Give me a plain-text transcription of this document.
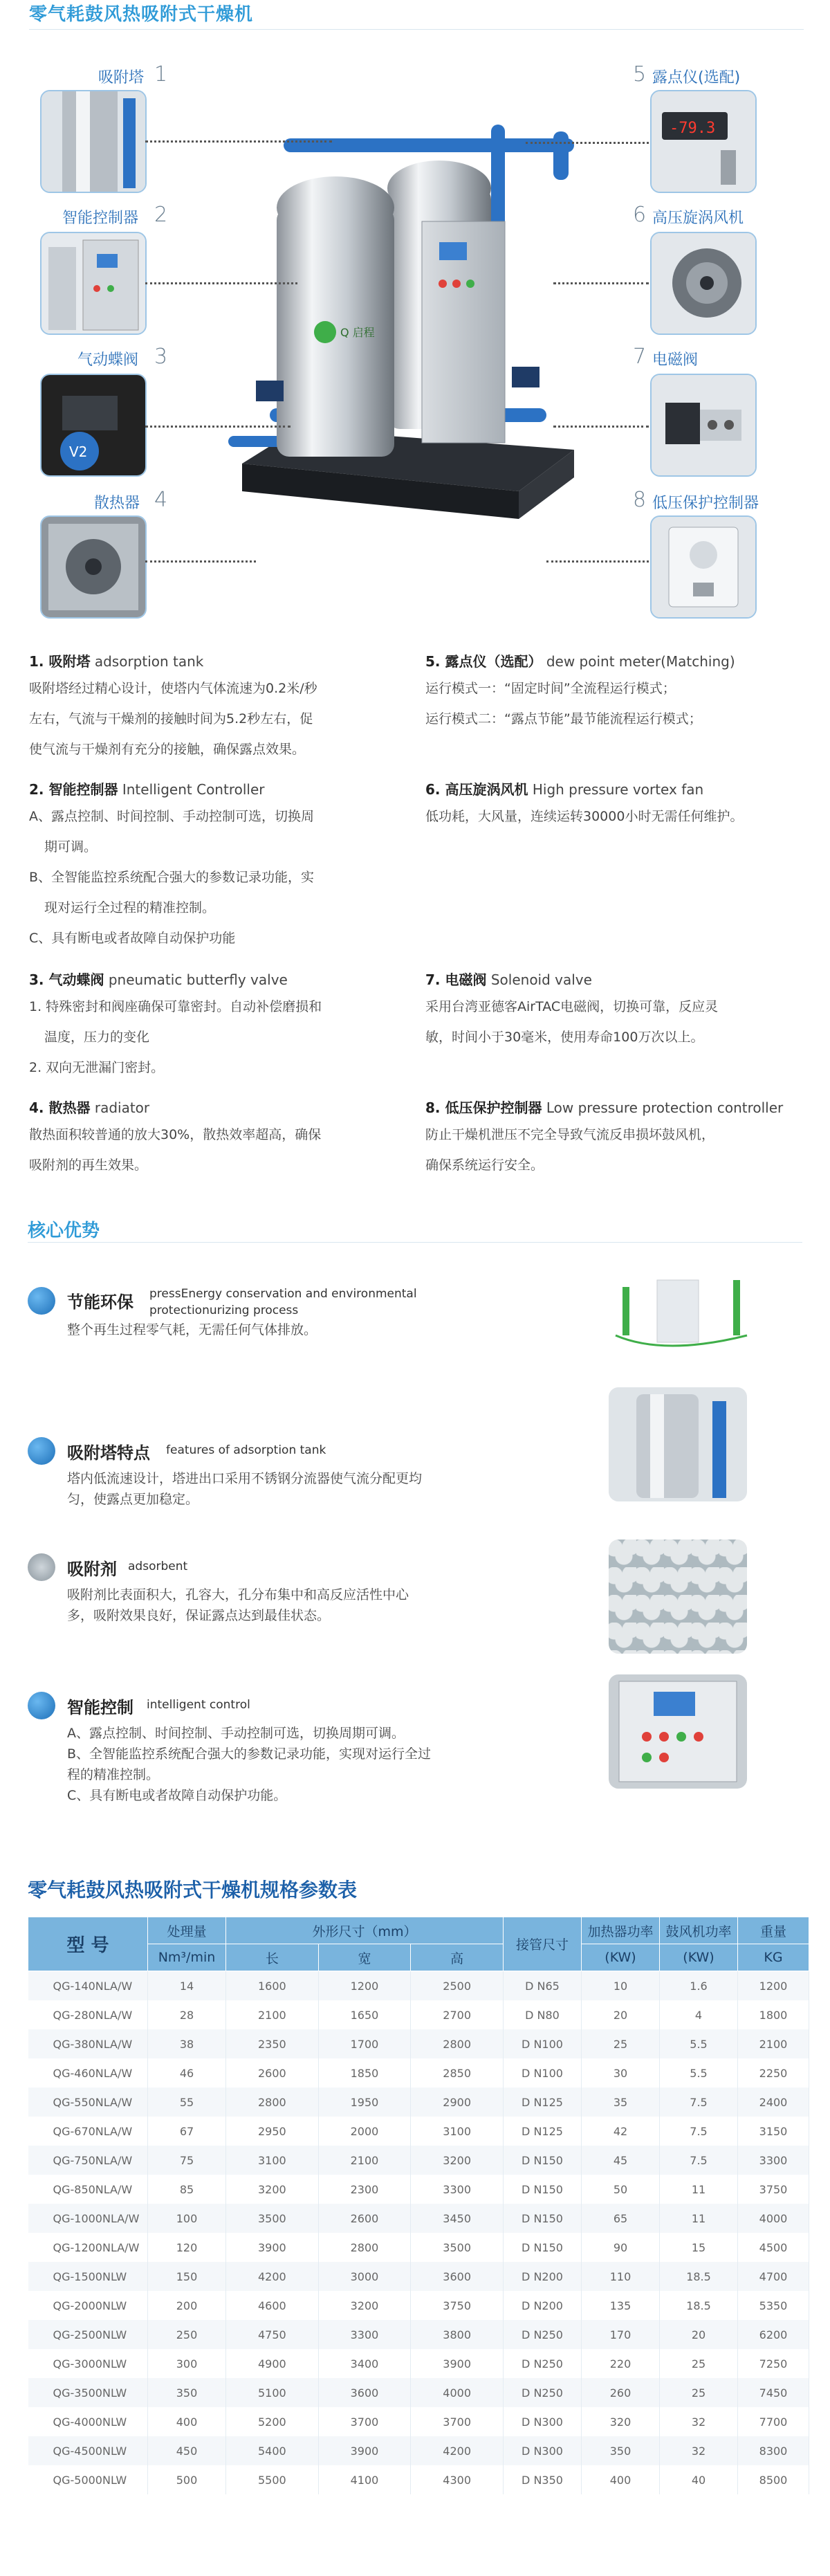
零气耗鼓风热吸附式干燥机
Q 启程
吸附塔 1
智能控制器 2
气动蝶阀 3
V2
散热器 4
5 露点仪(选配)
-79.3
6 高压旋涡风机
7 电磁阀
8 低压保护控制器
1. 吸附塔 adsorption tank
吸附塔经过精心设计，使塔内气体流速为0.2米/秒
左右，气流与干燥剂的接触时间为5.2秒左右，促
使气流与干燥剂有充分的接触，确保露点效果。
2. 智能控制器 Intelligent Controller
A、露点控制、时间控制、手动控制可选，切换周
期可调。
B、全智能监控系统配合强大的参数记录功能，实
现对运行全过程的精准控制。
C、具有断电或者故障自动保护功能
3. 气动蝶阀 pneumatic butterfly valve
1. 特殊密封和阀座确保可靠密封。自动补偿磨损和
温度，压力的变化
2. 双向无泄漏门密封。
4. 散热器 radiator
散热面积较普通的放大30%，散热效率超高，确保
吸附剂的再生效果。
5. 露点仪（选配） dew point meter(Matching)
运行模式一：“固定时间”全流程运行模式；
运行模式二：“露点节能”最节能流程运行模式；
6. 高压旋涡风机 High pressure vortex fan
低功耗，大风量，连续运转30000小时无需任何维护。
7. 电磁阀 Solenoid valve
采用台湾亚德客AirTAC电磁阀，切换可靠，反应灵
敏，时间小于30毫米，使用寿命100万次以上。
8. 低压保护控制器 Low pressure protection controller
防止干燥机泄压不完全导致气流反串损坏鼓风机，
确保系统运行安全。
核心优势
节能环保 pressEnergy conservation and environmental
protectionurizing process
整个再生过程零气耗，无需任何气体排放。
吸附塔特点 features of adsorption tank
塔内低流速设计，塔进出口采用不锈钢分流器使气流分配更均
匀，使露点更加稳定。
吸附剂 adsorbent
吸附剂比表面积大，孔容大，孔分布集中和高反应活性中心
多，吸附效果良好，保证露点达到最佳状态。
智能控制 intelligent control
A、露点控制、时间控制、手动控制可选，切换周期可调。
B、全智能监控系统配合强大的参数记录功能，实现对运行全过
程的精准控制。
C、具有断电或者故障自动保护功能。
零气耗鼓风热吸附式干燥机规格参数表
型 号	处理量	外形尺寸（mm）			接管尺寸	加热器功率	鼓风机功率	重量
	Nm³/min	长	宽	高		(KW)	(KW)	KG
QG-140NLA/W	14	1600	1200	2500	D N65	10	1.6	1200
QG-280NLA/W	28	2100	1650	2700	D N80	20	4	1800
QG-380NLA/W	38	2350	1700	2800	D N100	25	5.5	2100
QG-460NLA/W	46	2600	1850	2850	D N100	30	5.5	2250
QG-550NLA/W	55	2800	1950	2900	D N125	35	7.5	2400
QG-670NLA/W	67	2950	2000	3100	D N125	42	7.5	3150
QG-750NLA/W	75	3100	2100	3200	D N150	45	7.5	3300
QG-850NLA/W	85	3200	2300	3300	D N150	50	11	3750
QG-1000NLA/W	100	3500	2600	3450	D N150	65	11	4000
QG-1200NLA/W	120	3900	2800	3500	D N150	90	15	4500
QG-1500NLW	150	4200	3000	3600	D N200	110	18.5	4700
QG-2000NLW	200	4600	3200	3750	D N200	135	18.5	5350
QG-2500NLW	250	4750	3300	3800	D N250	170	20	6200
QG-3000NLW	300	4900	3400	3900	D N250	220	25	7250
QG-3500NLW	350	5100	3600	4000	D N250	260	25	7450
QG-4000NLW	400	5200	3700	3700	D N300	320	32	7700
QG-4500NLW	450	5400	3900	4200	D N300	350	32	8300
QG-5000NLW	500	5500	4100	4300	D N350	400	40	8500
